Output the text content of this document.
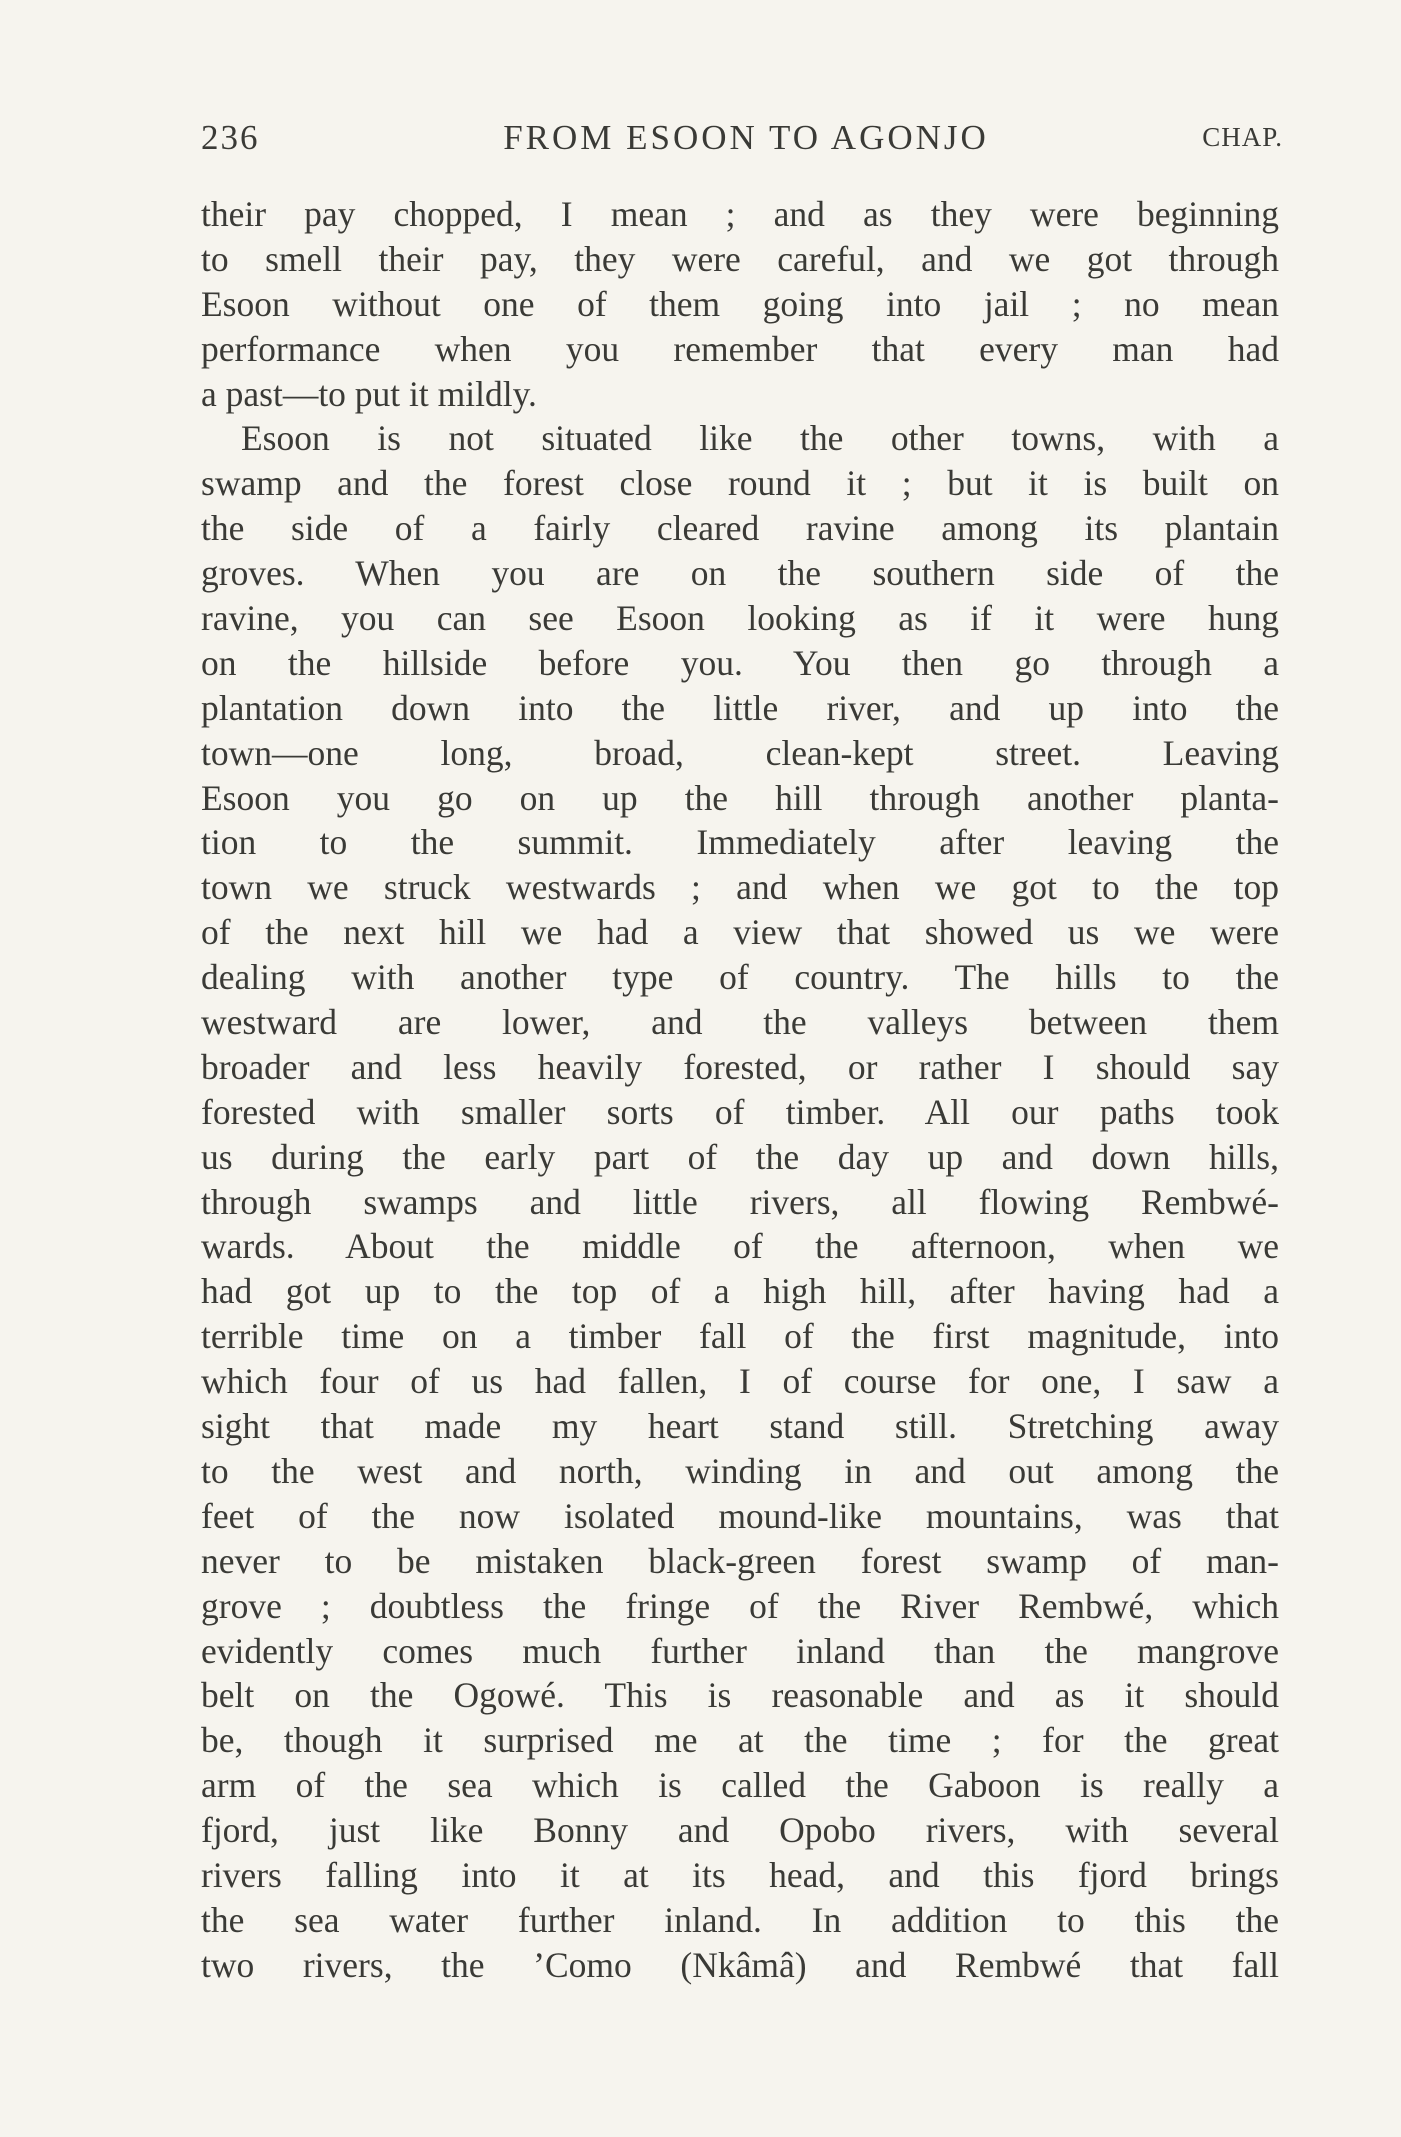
236	FROM ESOON TO AGONJO	CHAP.
their pay chopped, I mean ; and as they were beginning
to smell their pay, they were careful, and we got through
Esoon without one of them going into jail ; no mean
performance when you remember that every man had
a past—to put it mildly.
Esoon is not situated like the other towns, with a
swamp and the forest close round it ; but it is built on
the side of a fairly cleared ravine among its plantain
groves. When you are on the southern side of the
ravine, you can see Esoon looking as if it were hung
on the hillside before you. You then go through a
plantation down into the little river, and up into the
town—one long, broad, clean-kept street. Leaving
Esoon you go on up the hill through another planta-
tion to the summit. Immediately after leaving the
town we struck westwards ; and when we got to the top
of the next hill we had a view that showed us we were
dealing with another type of country. The hills to the
westward are lower, and the valleys between them
broader and less heavily forested, or rather I should say
forested with smaller sorts of timber. All our paths took
us during the early part of the day up and down hills,
through swamps and little rivers, all flowing Rembwé-
wards. About the middle of the afternoon, when we
had got up to the top of a high hill, after having had a
terrible time on a timber fall of the first magnitude, into
which four of us had fallen, I of course for one, I saw a
sight that made my heart stand still. Stretching away
to the west and north, winding in and out among the
feet of the now isolated mound-like mountains, was that
never to be mistaken black-green forest swamp of man-
grove ; doubtless the fringe of the River Rembwé, which
evidently comes much further inland than the mangrove
belt on the Ogowé. This is reasonable and as it should
be, though it surprised me at the time ; for the great
arm of the sea which is called the Gaboon is really a
fjord, just like Bonny and Opobo rivers, with several
rivers falling into it at its head, and this fjord brings
the sea water further inland. In addition to this the
two rivers, the ’Como (Nkâmâ) and Rembwé that fall
